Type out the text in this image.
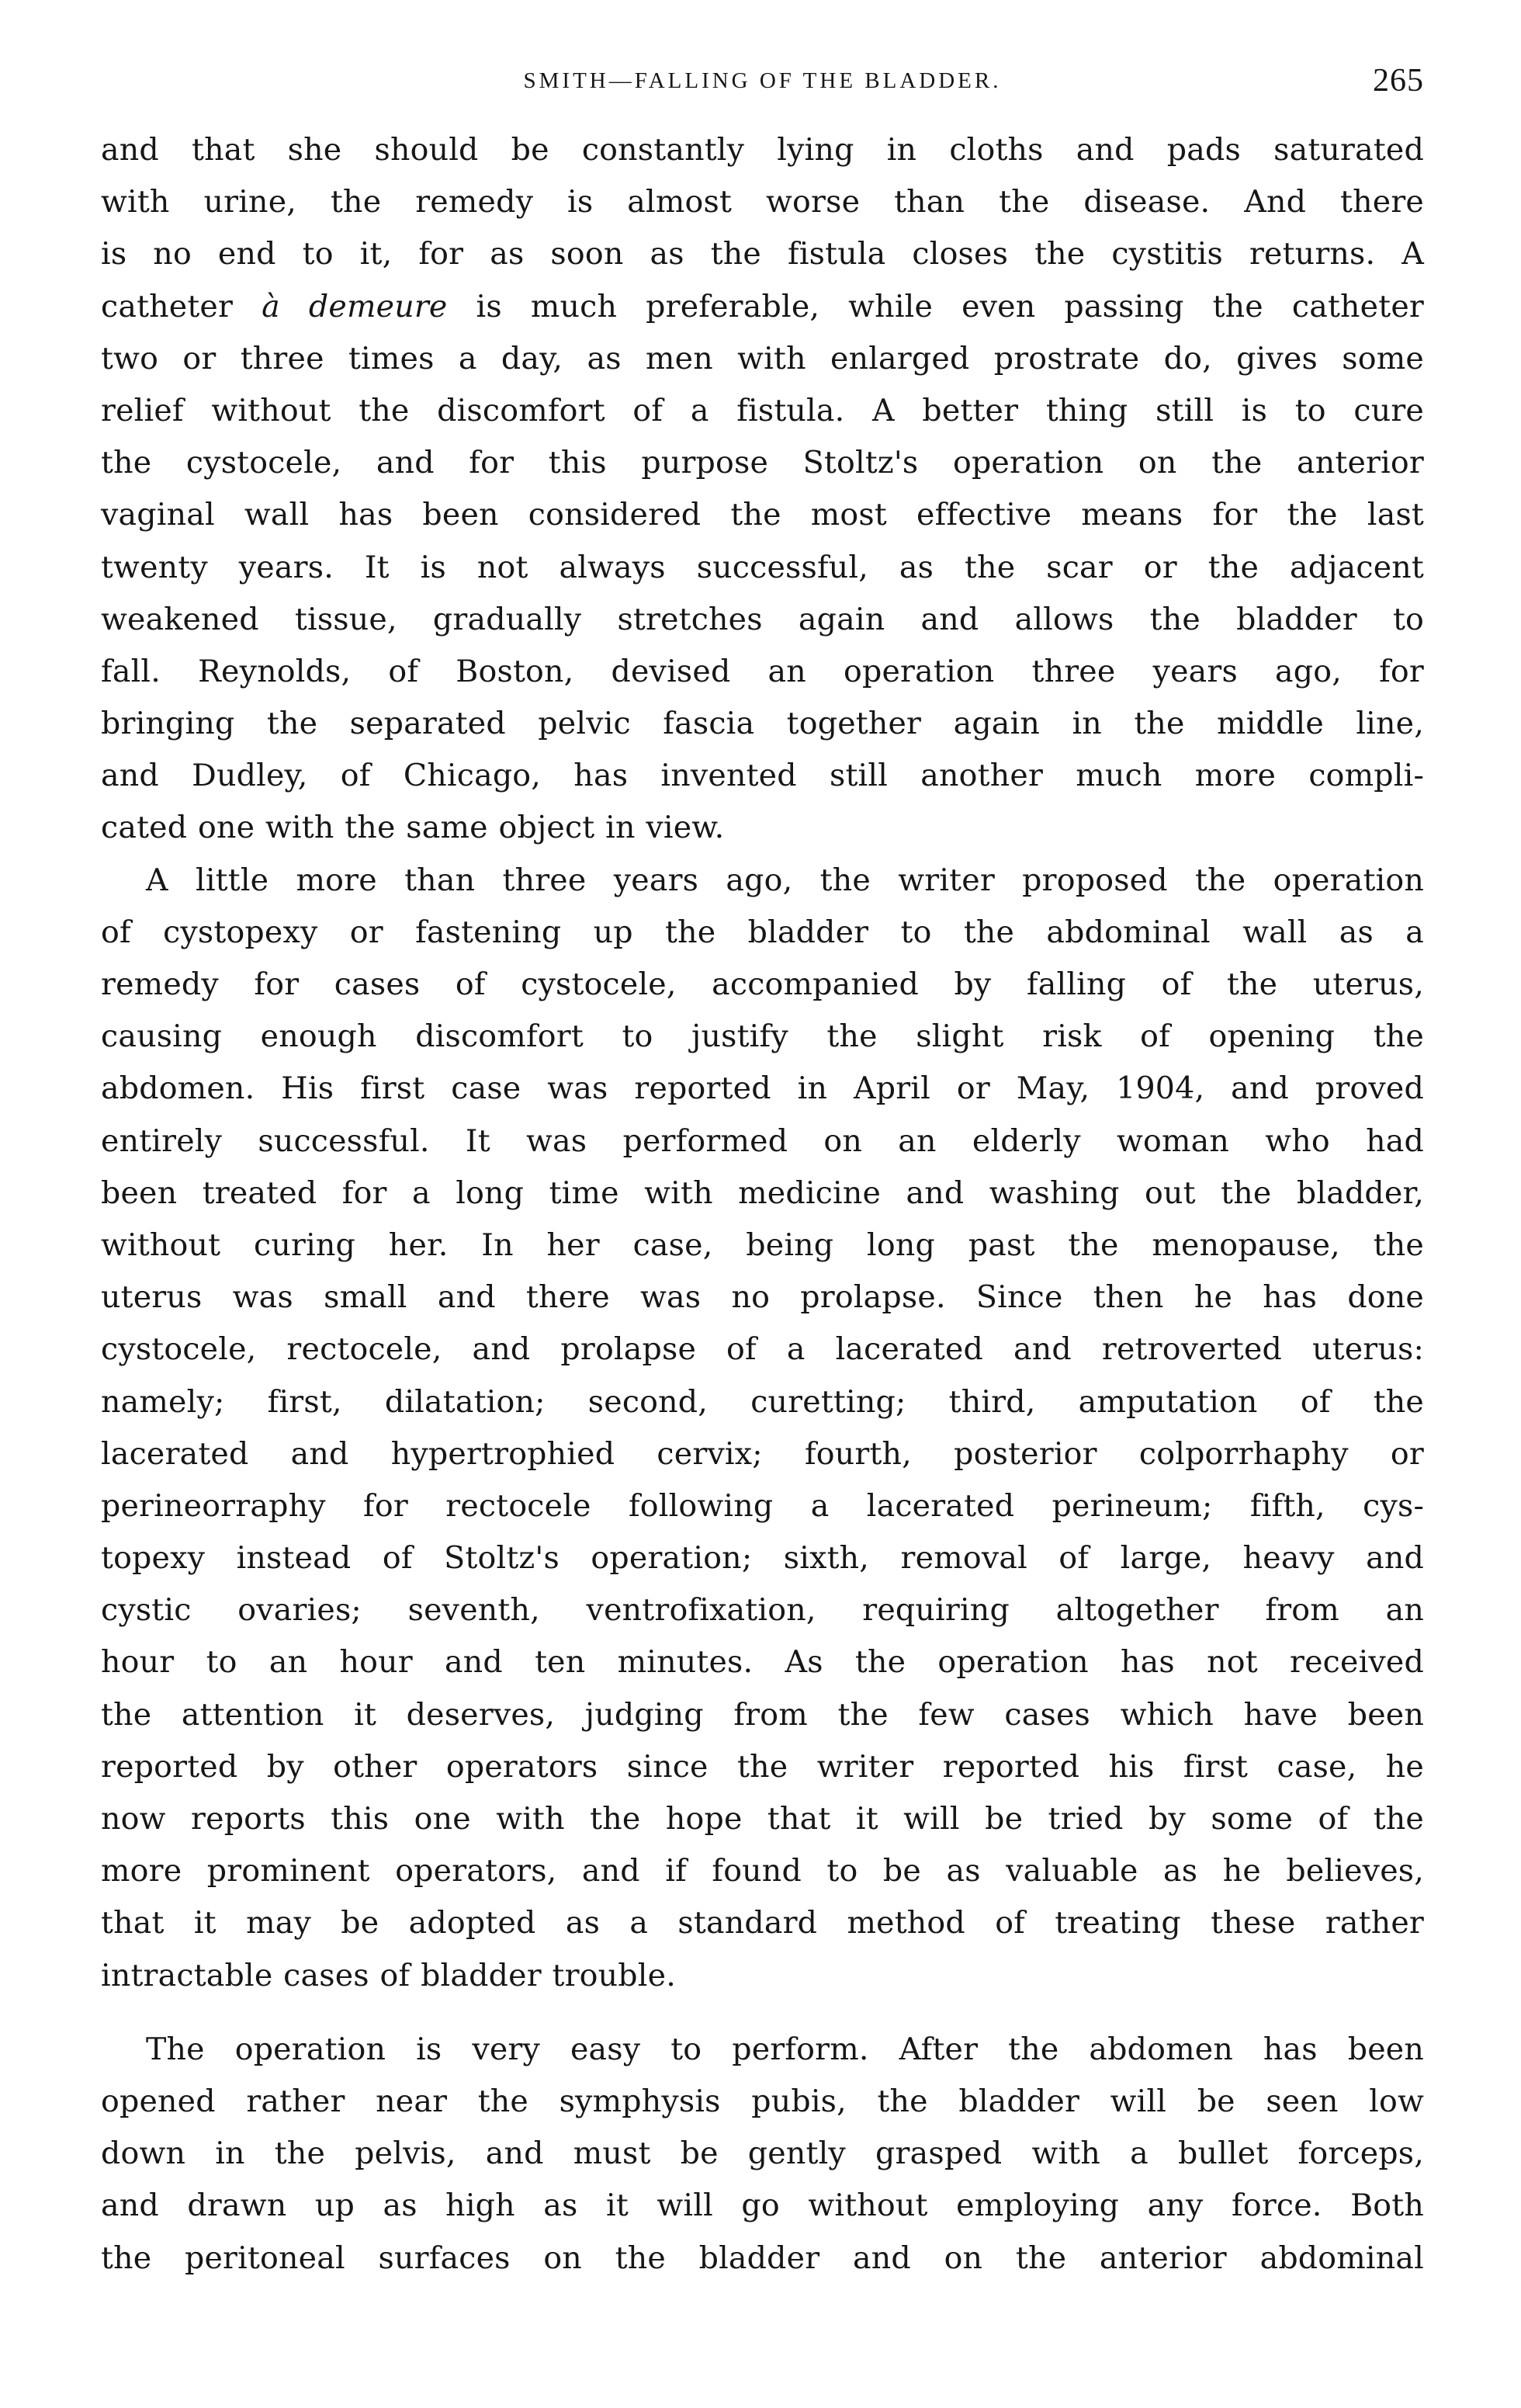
SMITH—FALLING OF THE BLADDER.	265
and that she should be constantly lying in cloths and pads saturated
with urine, the remedy is almost worse than the disease. And there
is no end to it, for as soon as the fistula closes the cystitis returns. A
catheter à demeure is much preferable, while even passing the catheter
two or three times a day, as men with enlarged prostrate do, gives some
relief without the discomfort of a fistula. A better thing still is to cure
the cystocele, and for this purpose Stoltz's operation on the anterior
vaginal wall has been considered the most effective means for the last
twenty years. It is not always successful, as the scar or the adjacent
weakened tissue, gradually stretches again and allows the bladder to
fall. Reynolds, of Boston, devised an operation three years ago, for
bringing the separated pelvic fascia together again in the middle line,
and Dudley, of Chicago, has invented still another much more compli-
cated one with the same object in view.
A little more than three years ago, the writer proposed the operation
of cystopexy or fastening up the bladder to the abdominal wall as a
remedy for cases of cystocele, accompanied by falling of the uterus,
causing enough discomfort to justify the slight risk of opening the
abdomen. His first case was reported in April or May, 1904, and proved
entirely successful. It was performed on an elderly woman who had
been treated for a long time with medicine and washing out the bladder,
without curing her. In her case, being long past the menopause, the
uterus was small and there was no prolapse. Since then he has done
cystocele, rectocele, and prolapse of a lacerated and retroverted uterus:
namely; first, dilatation; second, curetting; third, amputation of the
lacerated and hypertrophied cervix; fourth, posterior colporrhaphy or
perineorraphy for rectocele following a lacerated perineum; fifth, cys-
topexy instead of Stoltz's operation; sixth, removal of large, heavy and
cystic ovaries; seventh, ventrofixation, requiring altogether from an
hour to an hour and ten minutes. As the operation has not received
the attention it deserves, judging from the few cases which have been
reported by other operators since the writer reported his first case, he
now reports this one with the hope that it will be tried by some of the
more prominent operators, and if found to be as valuable as he believes,
that it may be adopted as a standard method of treating these rather
intractable cases of bladder trouble.
The operation is very easy to perform. After the abdomen has been
opened rather near the symphysis pubis, the bladder will be seen low
down in the pelvis, and must be gently grasped with a bullet forceps,
and drawn up as high as it will go without employing any force. Both
the peritoneal surfaces on the bladder and on the anterior abdominal
